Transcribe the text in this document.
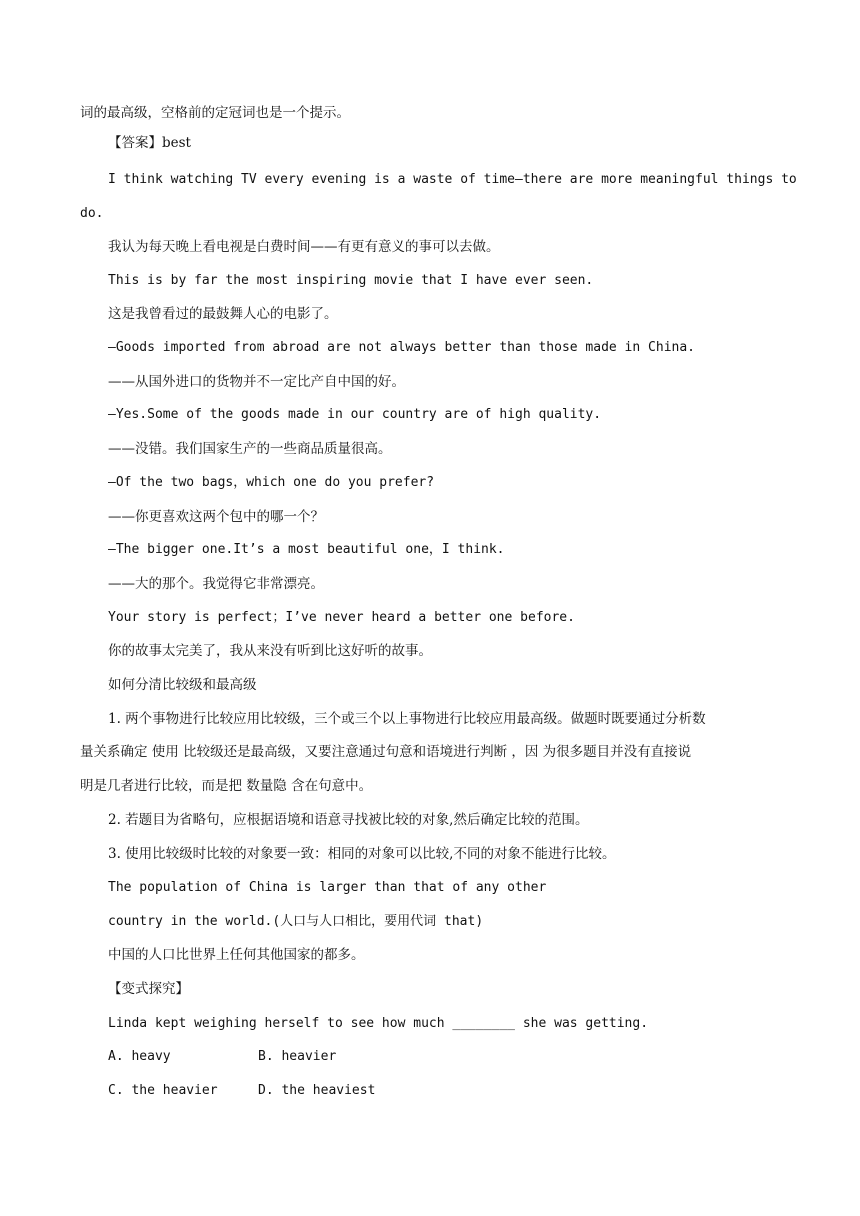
词的最高级，空格前的定冠词也是一个提示。
【答案】best
I think watching TV every evening is a waste of time—there are more meaningful things to
do.
我认为每天晚上看电视是白费时间——有更有意义的事可以去做。
This is by far the most inspiring movie that I have ever seen.
这是我曾看过的最鼓舞人心的电影了。
—Goods imported from abroad are not always better than those made in China.
——从国外进口的货物并不一定比产自中国的好。
—Yes.Some of the goods made in our country are of high quality.
——没错。我们国家生产的一些商品质量很高。
—Of the two bags，which one do you prefer?
——你更喜欢这两个包中的哪一个？
—The bigger one.It’s a most beautiful one，I think.
——大的那个。我觉得它非常漂亮。
Your story is perfect；I’ve never heard a better one before.
你的故事太完美了，我从来没有听到比这好听的故事。
如何分清比较级和最高级
1. 两个事物进行比较应用比较级，三个或三个以上事物进行比较应用最高级。做题时既要通过分析数
量关系确定 使用 比较级还是最高级，又要注意通过句意和语境进行判断 ，因 为很多题目并没有直接说
明是几者进行比较，而是把 数量隐 含在句意中。
2. 若题目为省略句，应根据语境和语意寻找被比较的对象,然后确定比较的范围。
3. 使用比较级时比较的对象要一致：相同的对象可以比较,不同的对象不能进行比较。
The population of China is larger than that of any other
country in the world.(人口与人口相比，要用代词 that)
中国的人口比世界上任何其他国家的都多。
【变式探究】
Linda kept weighing herself to see how much ________ she was getting.
A. heavy	B. heavier
C. the heavier	D. the heaviest
